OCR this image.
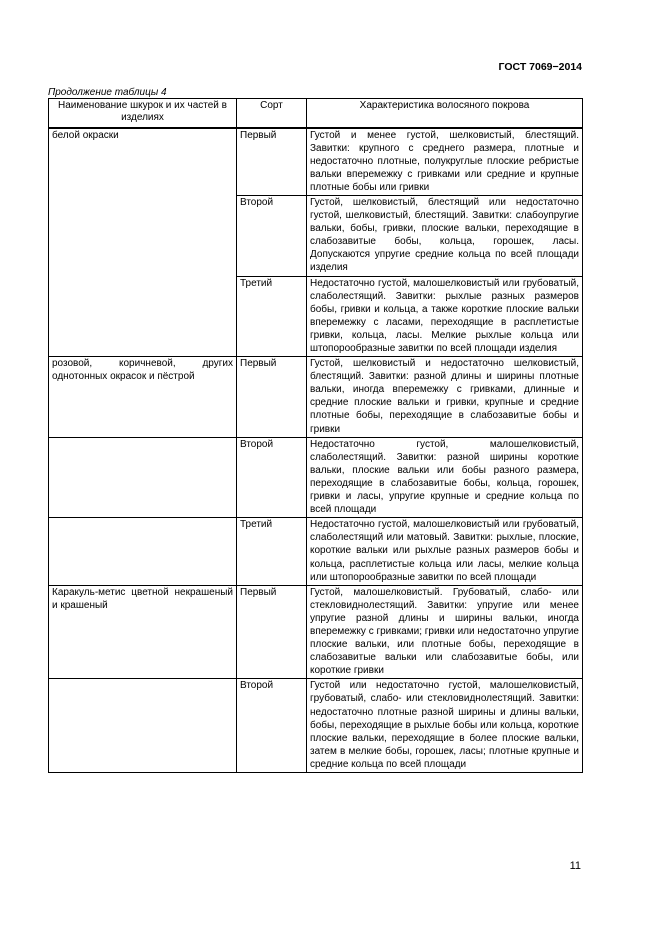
ГОСТ 7069−2014
Продолжение таблицы 4
Наименование шкурок и их частей в изделиях	Сорт	Характеристика волосяного покрова
белой окраски	Первый	Густой и менее густой, шелковистый, блестящий. Завитки: крупного с среднего размера, плотные и недостаточно плотные, полукруглые плоские ребристые вальки вперемежку с гривками или средние и крупные плотные бобы или гривки
	Второй	Густой, шелковистый, блестящий или недостаточно густой, шелковистый, блестящий. Завитки: слабоупругие вальки, бобы, гривки, плоские вальки, переходящие в слабозавитые бобы, кольца, горошек, ласы. Допускаются упругие средние кольца по всей площади изделия
	Третий	Недостаточно густой, малошелковистый или грубоватый, слаболестящий. Завитки: рыхлые разных размеров бобы, гривки и кольца, а также короткие плоские вальки вперемежку с ласами, переходящие в расплетистые гривки, кольца, ласы. Мелкие рыхлые кольца или штопорообразные завитки по всей площади изделия
розовой, коричневой, других однотонных окрасок и пёстрой	Первый	Густой, шелковистый и недостаточно шелковистый, блестящий. Завитки: разной длины и ширины плотные вальки, иногда вперемежку с гривками, длинные и средние плоские вальки и гривки, крупные и средние плотные бобы, переходящие в слабозавитые бобы и гривки
	Второй	Недостаточно густой, малошелковистый, слаболестящий. Завитки: разной ширины короткие вальки, плоские вальки или бобы разного размера, переходящие в слабозавитые бобы, кольца, горошек, гривки и ласы, упругие крупные и средние кольца по всей площади
	Третий	Недостаточно густой, малошелковистый или грубоватый, слаболестящий или матовый. Завитки: рыхлые, плоские, короткие вальки или рыхлые разных размеров бобы и кольца, расплетистые кольца или ласы, мелкие кольца или штопорообразные завитки по всей площади
Каракуль-метис цветной некрашеный и крашеный	Первый	Густой, малошелковистый. Грубоватый, слабо- или стекловиднолестящий. Завитки: упругие или менее упругие разной длины и ширины вальки, иногда вперемежку с гривками; гривки или недостаточно упругие плоские вальки, или плотные бобы, переходящие в слабозавитые вальки или слабозавитые бобы, или короткие гривки
	Второй	Густой или недостаточно густой, малошелковистый, грубоватый, слабо- или стекловиднолестящий. Завитки: недостаточно плотные разной ширины и длины вальки, бобы, переходящие в рыхлые бобы или кольца, короткие плоские вальки, переходящие в более плоские вальки, затем в мелкие бобы, горошек, ласы; плотные крупные и средние кольца по всей площади
11
